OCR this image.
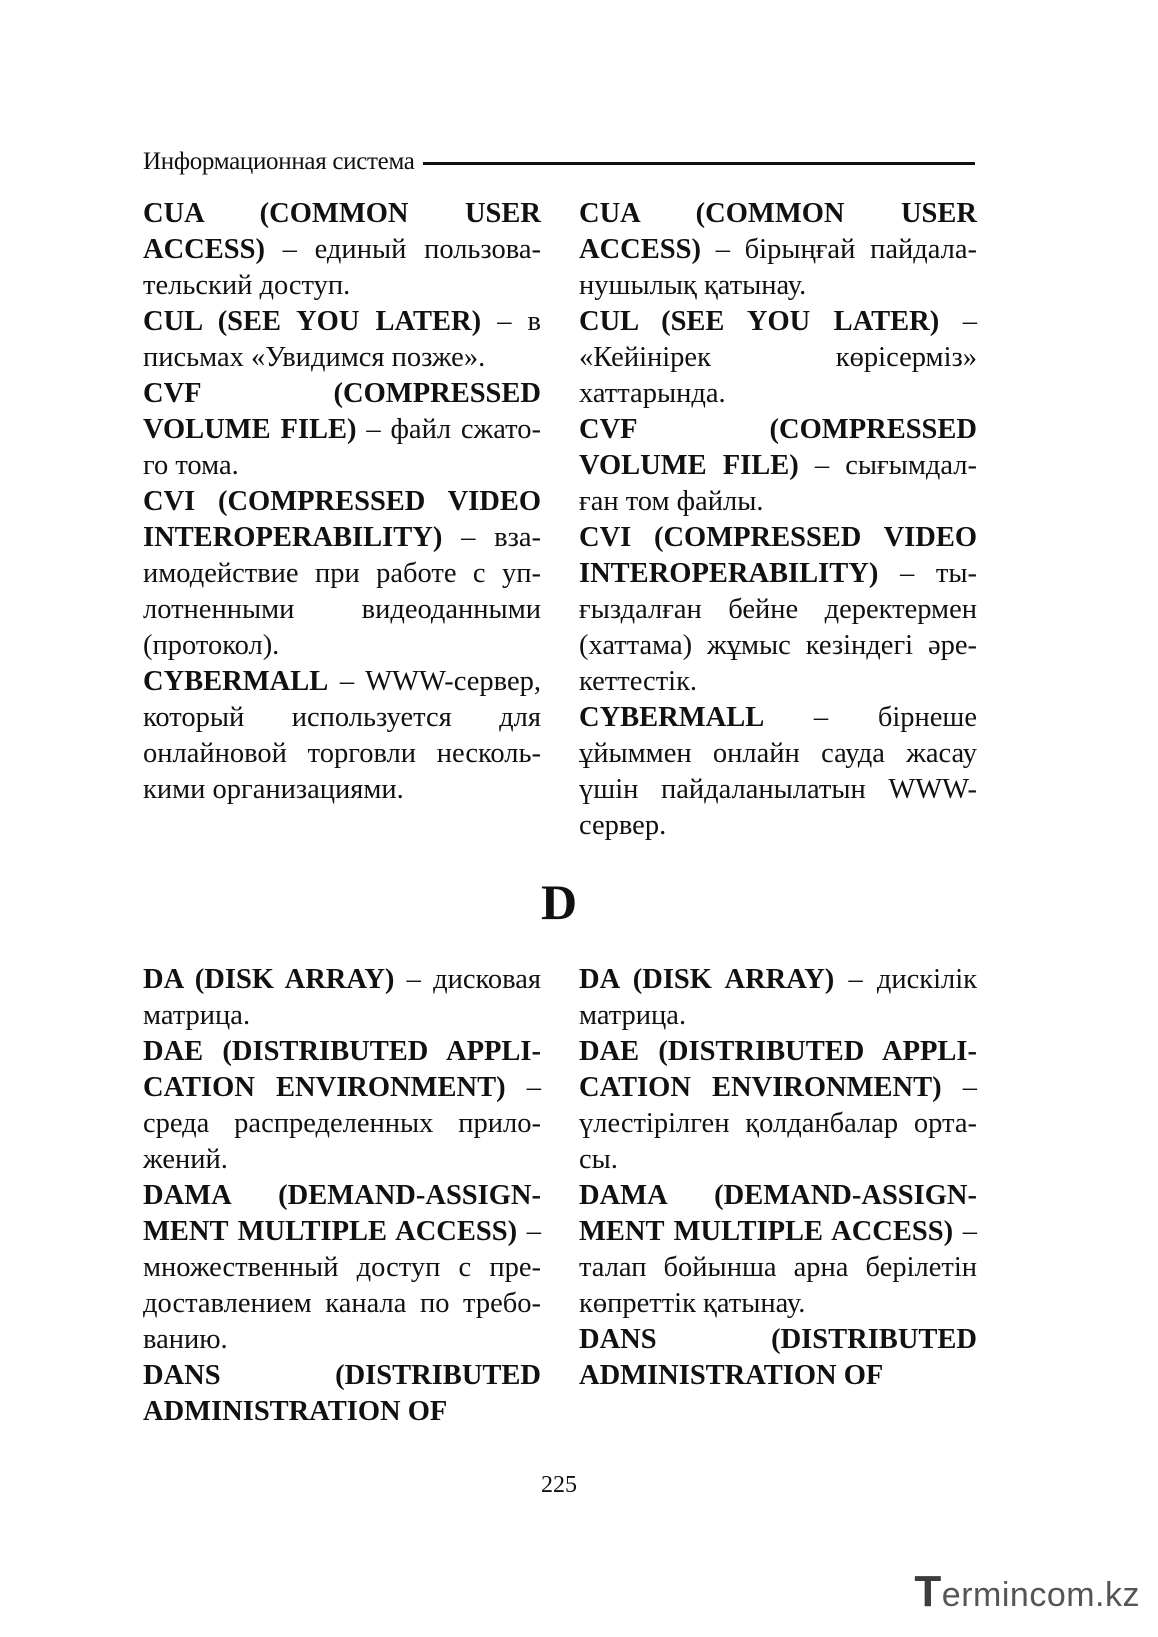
Информационная система

CUA (COMMON USER ACCESS) – единый пользовательский доступ.

CUL (SEE YOU LATER) – в письмах «Увидимся позже».

CVF (COMPRESSED VOLUME FILE) – файл сжатого тома.

CVI (COMPRESSED VIDEO INTEROPERABILITY) – взаимодействие при работе с уплотненными видеоданными (протокол).

CYBERMALL – WWW-сервер, который используется для онлайновой торговли несколькими организациями.

CUA (COMMON USER ACCESS) – бірыңғай пайдаланушылық қатынау.

CUL (SEE YOU LATER) – «Кейінірек көрісерміз» хаттарында.

CVF (COMPRESSED VOLUME FILE) – сығымдалған том файлы.

CVI (COMPRESSED VIDEO INTEROPERABILITY) – тығыздалған бейне деректермен (хаттама) жұмыс кезіндегі әрекеттестік.

CYBERMALL – бірнеше ұйыммен онлайн сауда жасау үшін пайдаланылатын WWW-сервер.

D

DA (DISK ARRAY) – дисковая матрица.

DAE (DISTRIBUTED APPLICATION ENVIRONMENT) – среда распределенных приложений.

DAMA (DEMAND-ASSIGNMENT MULTIPLE ACCESS) – множественный доступ с предоставлением канала по требованию.

DANS (DISTRIBUTED ADMINISTRATION OF

DA (DISK ARRAY) – дискілік матрица.

DAE (DISTRIBUTED APPLICATION ENVIRONMENT) – үлестірілген қолданбалар ортасы.

DAMA (DEMAND-ASSIGNMENT MULTIPLE ACCESS) – талап бойынша арна берілетін көпреттік қатынау.

DANS (DISTRIBUTED ADMINISTRATION OF

225
Termincom.kz
